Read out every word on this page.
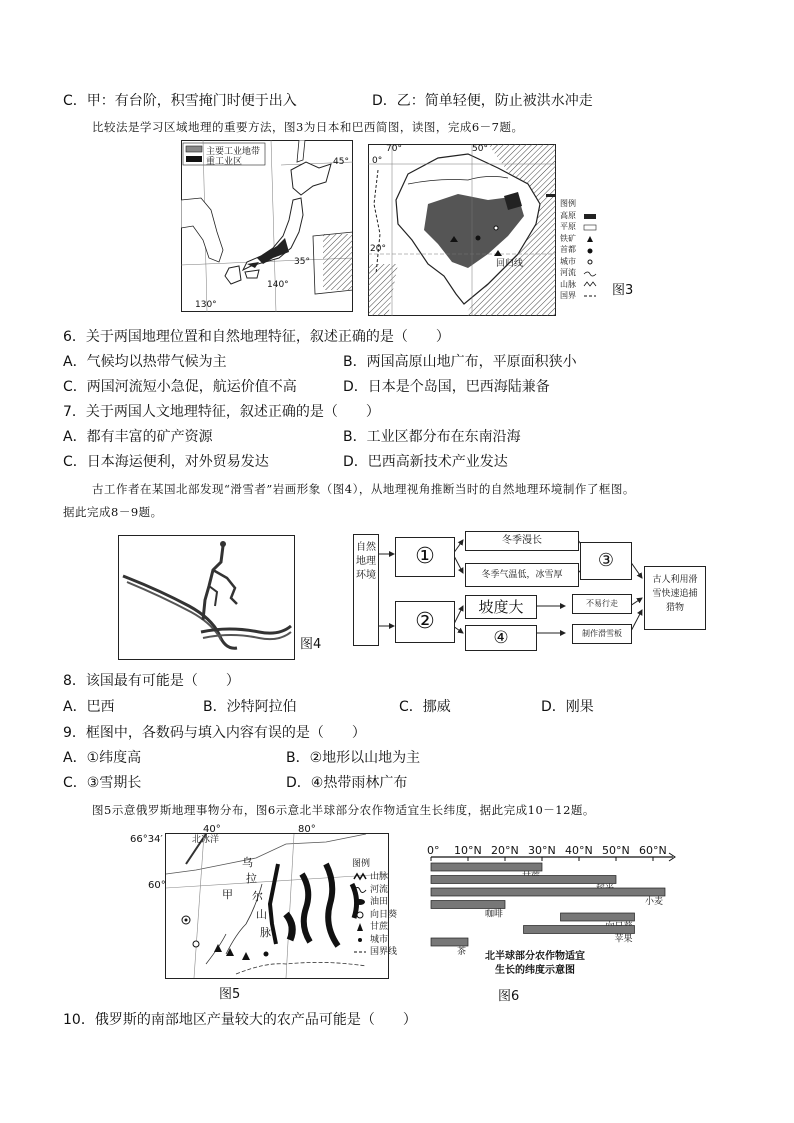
C．甲：有台阶，积雪掩门时便于出入	D．乙：简单轻便，防止被洪水冲走
比较法是学习区域地理的重要方法，图3为日本和巴西简图，读图，完成6－7题。
主要工业地带
重工业区	45°
35°
140°
130°
70°	50°
0°
20°
回归线
图例
高原
平原
铁矿
首都
城市
河流
山脉
国界	图3
6．关于两国地理位置和自然地理特征，叙述正确的是（　　）
A．气候均以热带气候为主	B．两国高原山地广布，平原面积狭小
C．两国河流短小急促，航运价值不高	D．日本是个岛国，巴西海陆兼备
7．关于两国人文地理特征，叙述正确的是（　　）
A．都有丰富的矿产资源	B．工业区都分布在东南沿海
C．日本海运便利，对外贸易发达	D．巴西高新技术产业发达
古工作者在某国北部发现“滑雪者”岩画形象（图4），从地理视角推断当时的自然地理环境制作了框图。
据此完成8－9题。
图4
自然地理环境
①
②
冬季漫长
冬季气温低，冰雪厚
坡度大
④
不易行走
制作滑雪板
③
古人利用滑雪快速追捕猎物
8．该国最有可能是（　　）
A．巴西	B．沙特阿拉伯	C．挪威	D．刚果
9．框图中，各数码与填入内容有误的是（　　）
A．①纬度高	B．②地形以山地为主
C．③雪期长	D．④热带雨林广布
图5示意俄罗斯地理事物分布，图6示意北半球部分农作物适宜生长纬度，据此完成10－12题。
北冰洋
甲
乌
拉
尔
山
脉
66°34′
60°
40°	80°
图例
山脉
河流
油田
向日葵
甘蔗
城市
国界线
图5
0° 10°N 20°N 30°N 40°N 50°N 60°N
小麦
咖啡
苹果
茶 北半球部分农作物适宜
生长的纬度示意图
图6
10．俄罗斯的南部地区产量较大的农产品可能是（　　）
